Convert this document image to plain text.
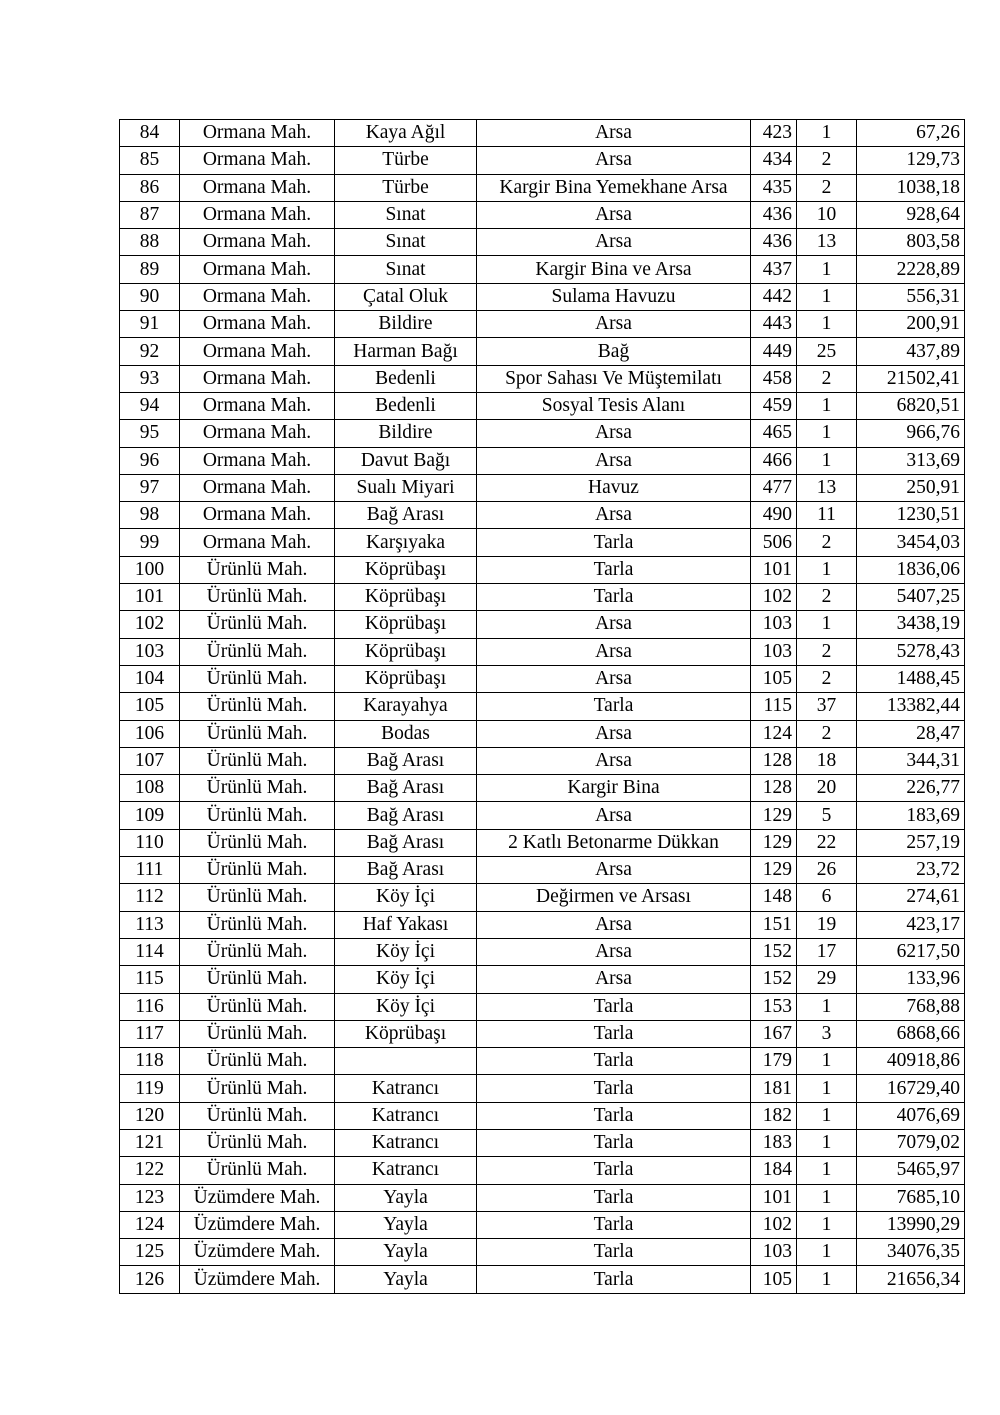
84	Ormana Mah.	Kaya Ağıl	Arsa	423	1	67,26
85	Ormana Mah.	Türbe	Arsa	434	2	129,73
86	Ormana Mah.	Türbe	Kargir Bina Yemekhane Arsa	435	2	1038,18
87	Ormana Mah.	Sınat	Arsa	436	10	928,64
88	Ormana Mah.	Sınat	Arsa	436	13	803,58
89	Ormana Mah.	Sınat	Kargir Bina ve Arsa	437	1	2228,89
90	Ormana Mah.	Çatal Oluk	Sulama Havuzu	442	1	556,31
91	Ormana Mah.	Bildire	Arsa	443	1	200,91
92	Ormana Mah.	Harman Bağı	Bağ	449	25	437,89
93	Ormana Mah.	Bedenli	Spor Sahası Ve Müştemilatı	458	2	21502,41
94	Ormana Mah.	Bedenli	Sosyal Tesis Alanı	459	1	6820,51
95	Ormana Mah.	Bildire	Arsa	465	1	966,76
96	Ormana Mah.	Davut Bağı	Arsa	466	1	313,69
97	Ormana Mah.	Sualı Miyari	Havuz	477	13	250,91
98	Ormana Mah.	Bağ Arası	Arsa	490	11	1230,51
99	Ormana Mah.	Karşıyaka	Tarla	506	2	3454,03
100	Ürünlü Mah.	Köprübaşı	Tarla	101	1	1836,06
101	Ürünlü Mah.	Köprübaşı	Tarla	102	2	5407,25
102	Ürünlü Mah.	Köprübaşı	Arsa	103	1	3438,19
103	Ürünlü Mah.	Köprübaşı	Arsa	103	2	5278,43
104	Ürünlü Mah.	Köprübaşı	Arsa	105	2	1488,45
105	Ürünlü Mah.	Karayahya	Tarla	115	37	13382,44
106	Ürünlü Mah.	Bodas	Arsa	124	2	28,47
107	Ürünlü Mah.	Bağ Arası	Arsa	128	18	344,31
108	Ürünlü Mah.	Bağ Arası	Kargir Bina	128	20	226,77
109	Ürünlü Mah.	Bağ Arası	Arsa	129	5	183,69
110	Ürünlü Mah.	Bağ Arası	2 Katlı Betonarme Dükkan	129	22	257,19
111	Ürünlü Mah.	Bağ Arası	Arsa	129	26	23,72
112	Ürünlü Mah.	Köy İçi	Değirmen ve Arsası	148	6	274,61
113	Ürünlü Mah.	Haf Yakası	Arsa	151	19	423,17
114	Ürünlü Mah.	Köy İçi	Arsa	152	17	6217,50
115	Ürünlü Mah.	Köy İçi	Arsa	152	29	133,96
116	Ürünlü Mah.	Köy İçi	Tarla	153	1	768,88
117	Ürünlü Mah.	Köprübaşı	Tarla	167	3	6868,66
118	Ürünlü Mah.		Tarla	179	1	40918,86
119	Ürünlü Mah.	Katrancı	Tarla	181	1	16729,40
120	Ürünlü Mah.	Katrancı	Tarla	182	1	4076,69
121	Ürünlü Mah.	Katrancı	Tarla	183	1	7079,02
122	Ürünlü Mah.	Katrancı	Tarla	184	1	5465,97
123	Üzümdere Mah.	Yayla	Tarla	101	1	7685,10
124	Üzümdere Mah.	Yayla	Tarla	102	1	13990,29
125	Üzümdere Mah.	Yayla	Tarla	103	1	34076,35
126	Üzümdere Mah.	Yayla	Tarla	105	1	21656,34
